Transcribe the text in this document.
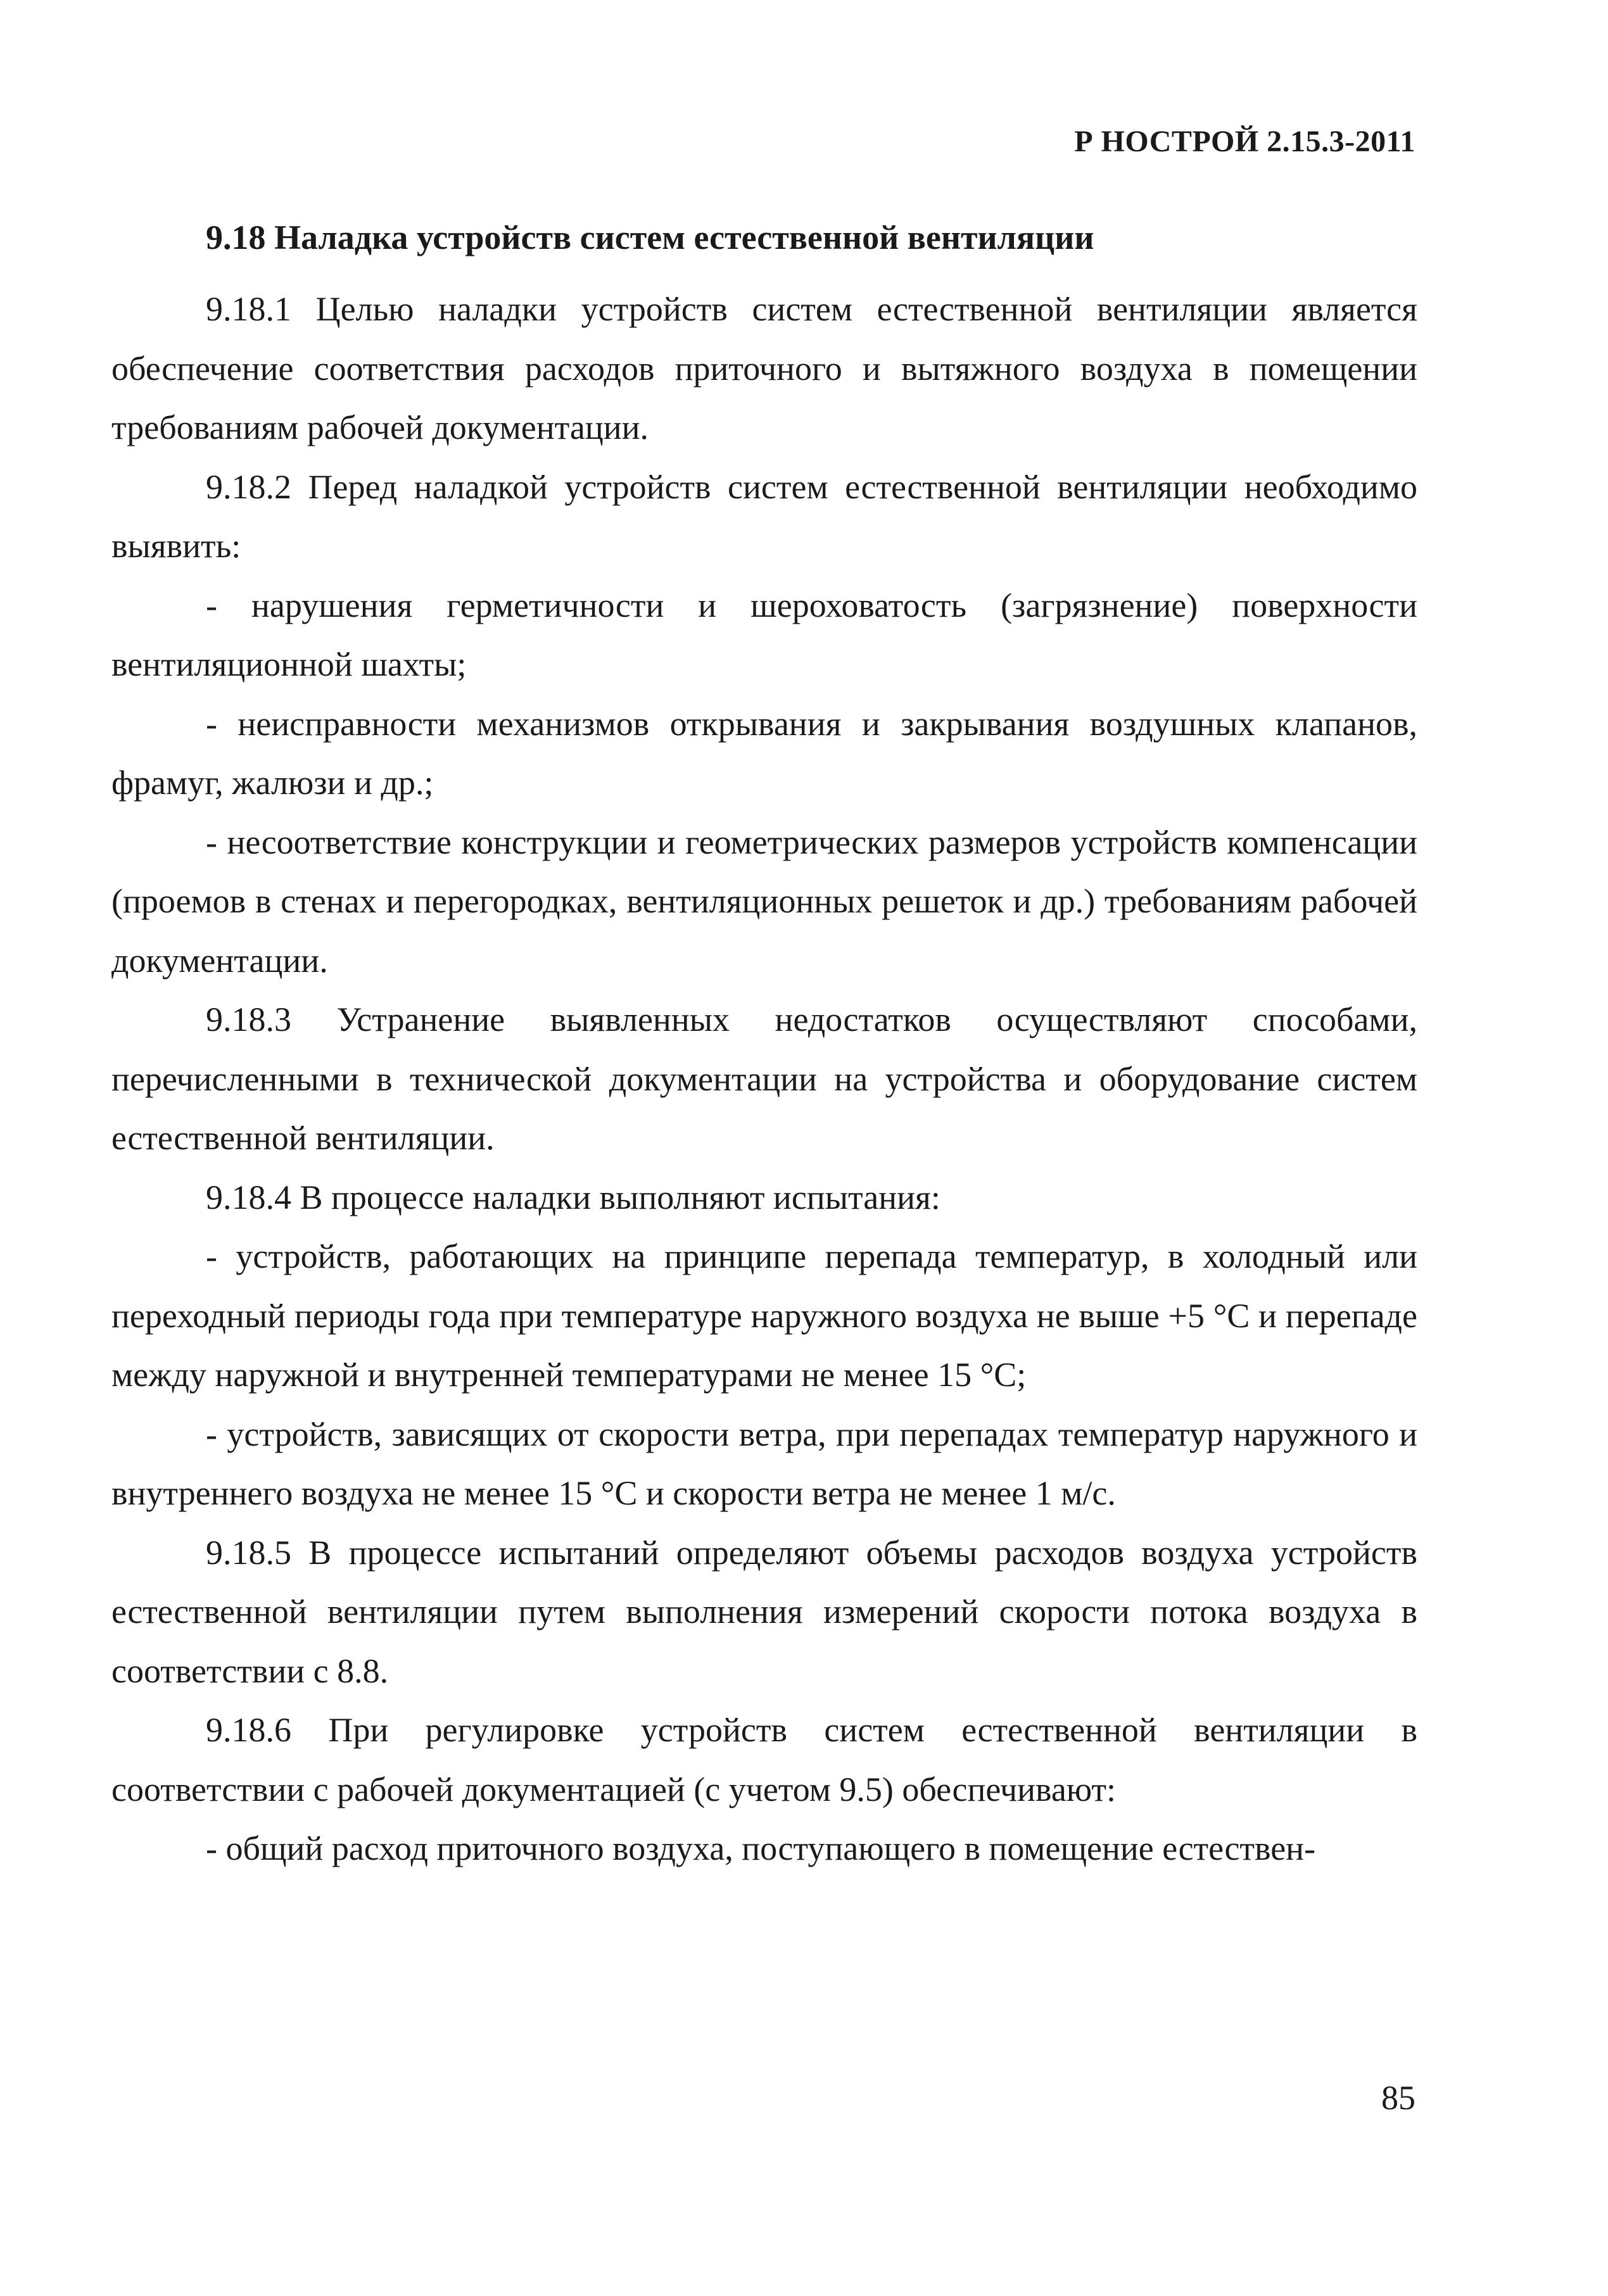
Р НОСТРОЙ 2.15.3-2011

9.18 Наладка устройств систем естественной вентиляции

9.18.1 Целью наладки устройств систем естественной вентиляции является обеспечение соответствия расходов приточного и вытяжного воздуха в помещении требованиям рабочей документации.

9.18.2 Перед наладкой устройств систем естественной вентиляции необходимо выявить:

- нарушения герметичности и шероховатость (загрязнение) поверхности вентиляционной шахты;

- неисправности механизмов открывания и закрывания воздушных клапанов, фрамуг, жалюзи и др.;

- несоответствие конструкции и геометрических размеров устройств компенсации (проемов в стенах и перегородках, вентиляционных решеток и др.) требованиям рабочей документации.

9.18.3 Устранение выявленных недостатков осуществляют способами, перечисленными в технической документации на устройства и оборудование систем естественной вентиляции.

9.18.4 В процессе наладки выполняют испытания:

- устройств, работающих на принципе перепада температур, в холодный или переходный периоды года при температуре наружного воздуха не выше +5 °С и перепаде между наружной и внутренней температурами не менее 15 °С;

- устройств, зависящих от скорости ветра, при перепадах температур наружного и внутреннего воздуха не менее 15 °С и скорости ветра не менее 1 м/с.

9.18.5 В процессе испытаний определяют объемы расходов воздуха устройств естественной вентиляции путем выполнения измерений скорости потока воздуха в соответствии с 8.8.

9.18.6 При регулировке устройств систем естественной вентиляции в соответствии с рабочей документацией (с учетом 9.5) обеспечивают:

- общий расход приточного воздуха, поступающего в помещение естествен-

85
